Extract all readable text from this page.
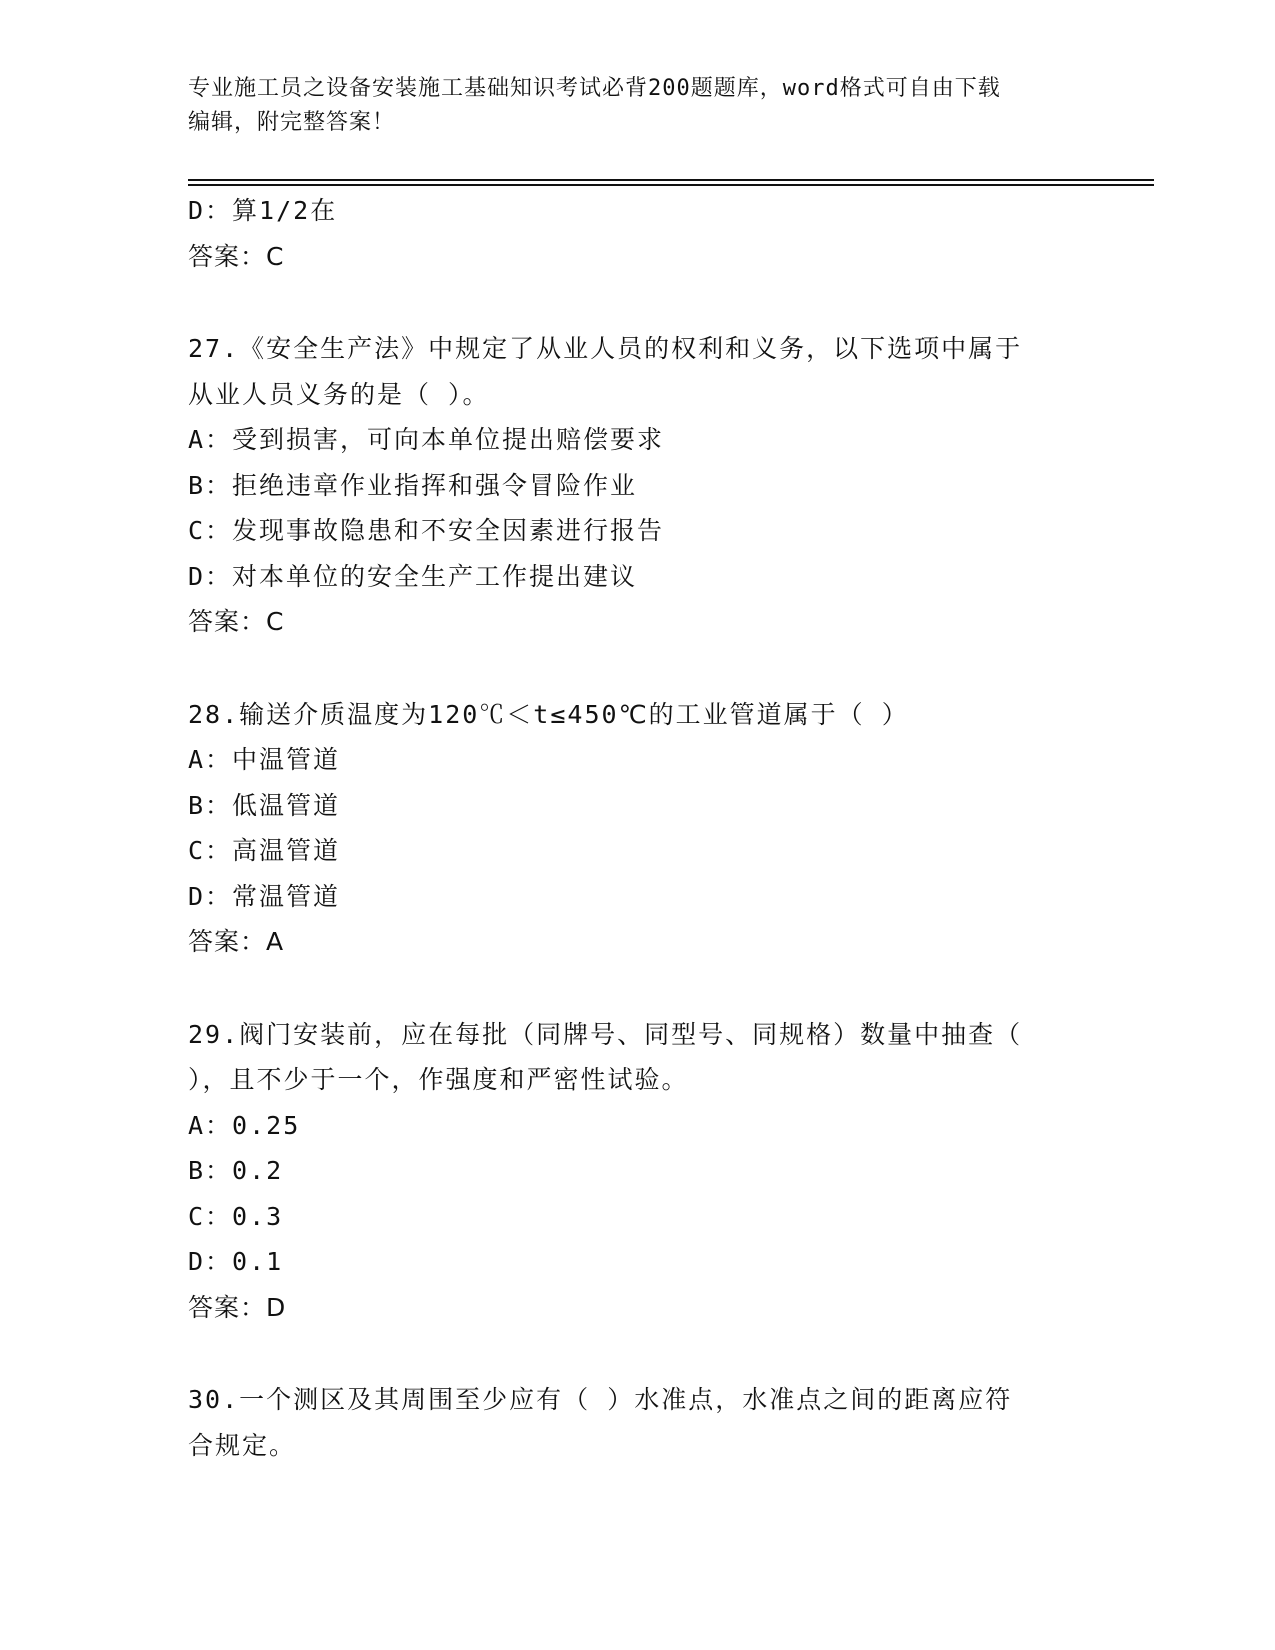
专业施工员之设备安装施工基础知识考试必背200题题库，word格式可自由下载
编辑，附完整答案！
D：算1/2在
答案：C
27.《安全生产法》中规定了从业人员的权利和义务，以下选项中属于
从业人员义务的是（ ）。
A：受到损害，可向本单位提出赔偿要求
B：拒绝违章作业指挥和强令冒险作业
C：发现事故隐患和不安全因素进行报告
D：对本单位的安全生产工作提出建议
答案：C
28.输送介质温度为120℃＜t≤450℃的工业管道属于（ ）
A：中温管道
B：低温管道
C：高温管道
D：常温管道
答案：A
29.阀门安装前，应在每批（同牌号、同型号、同规格）数量中抽查（
），且不少于一个，作强度和严密性试验。
A：0.25
B：0.2
C：0.3
D：0.1
答案：D
30.一个测区及其周围至少应有（ ）水准点，水准点之间的距离应符
合规定。
